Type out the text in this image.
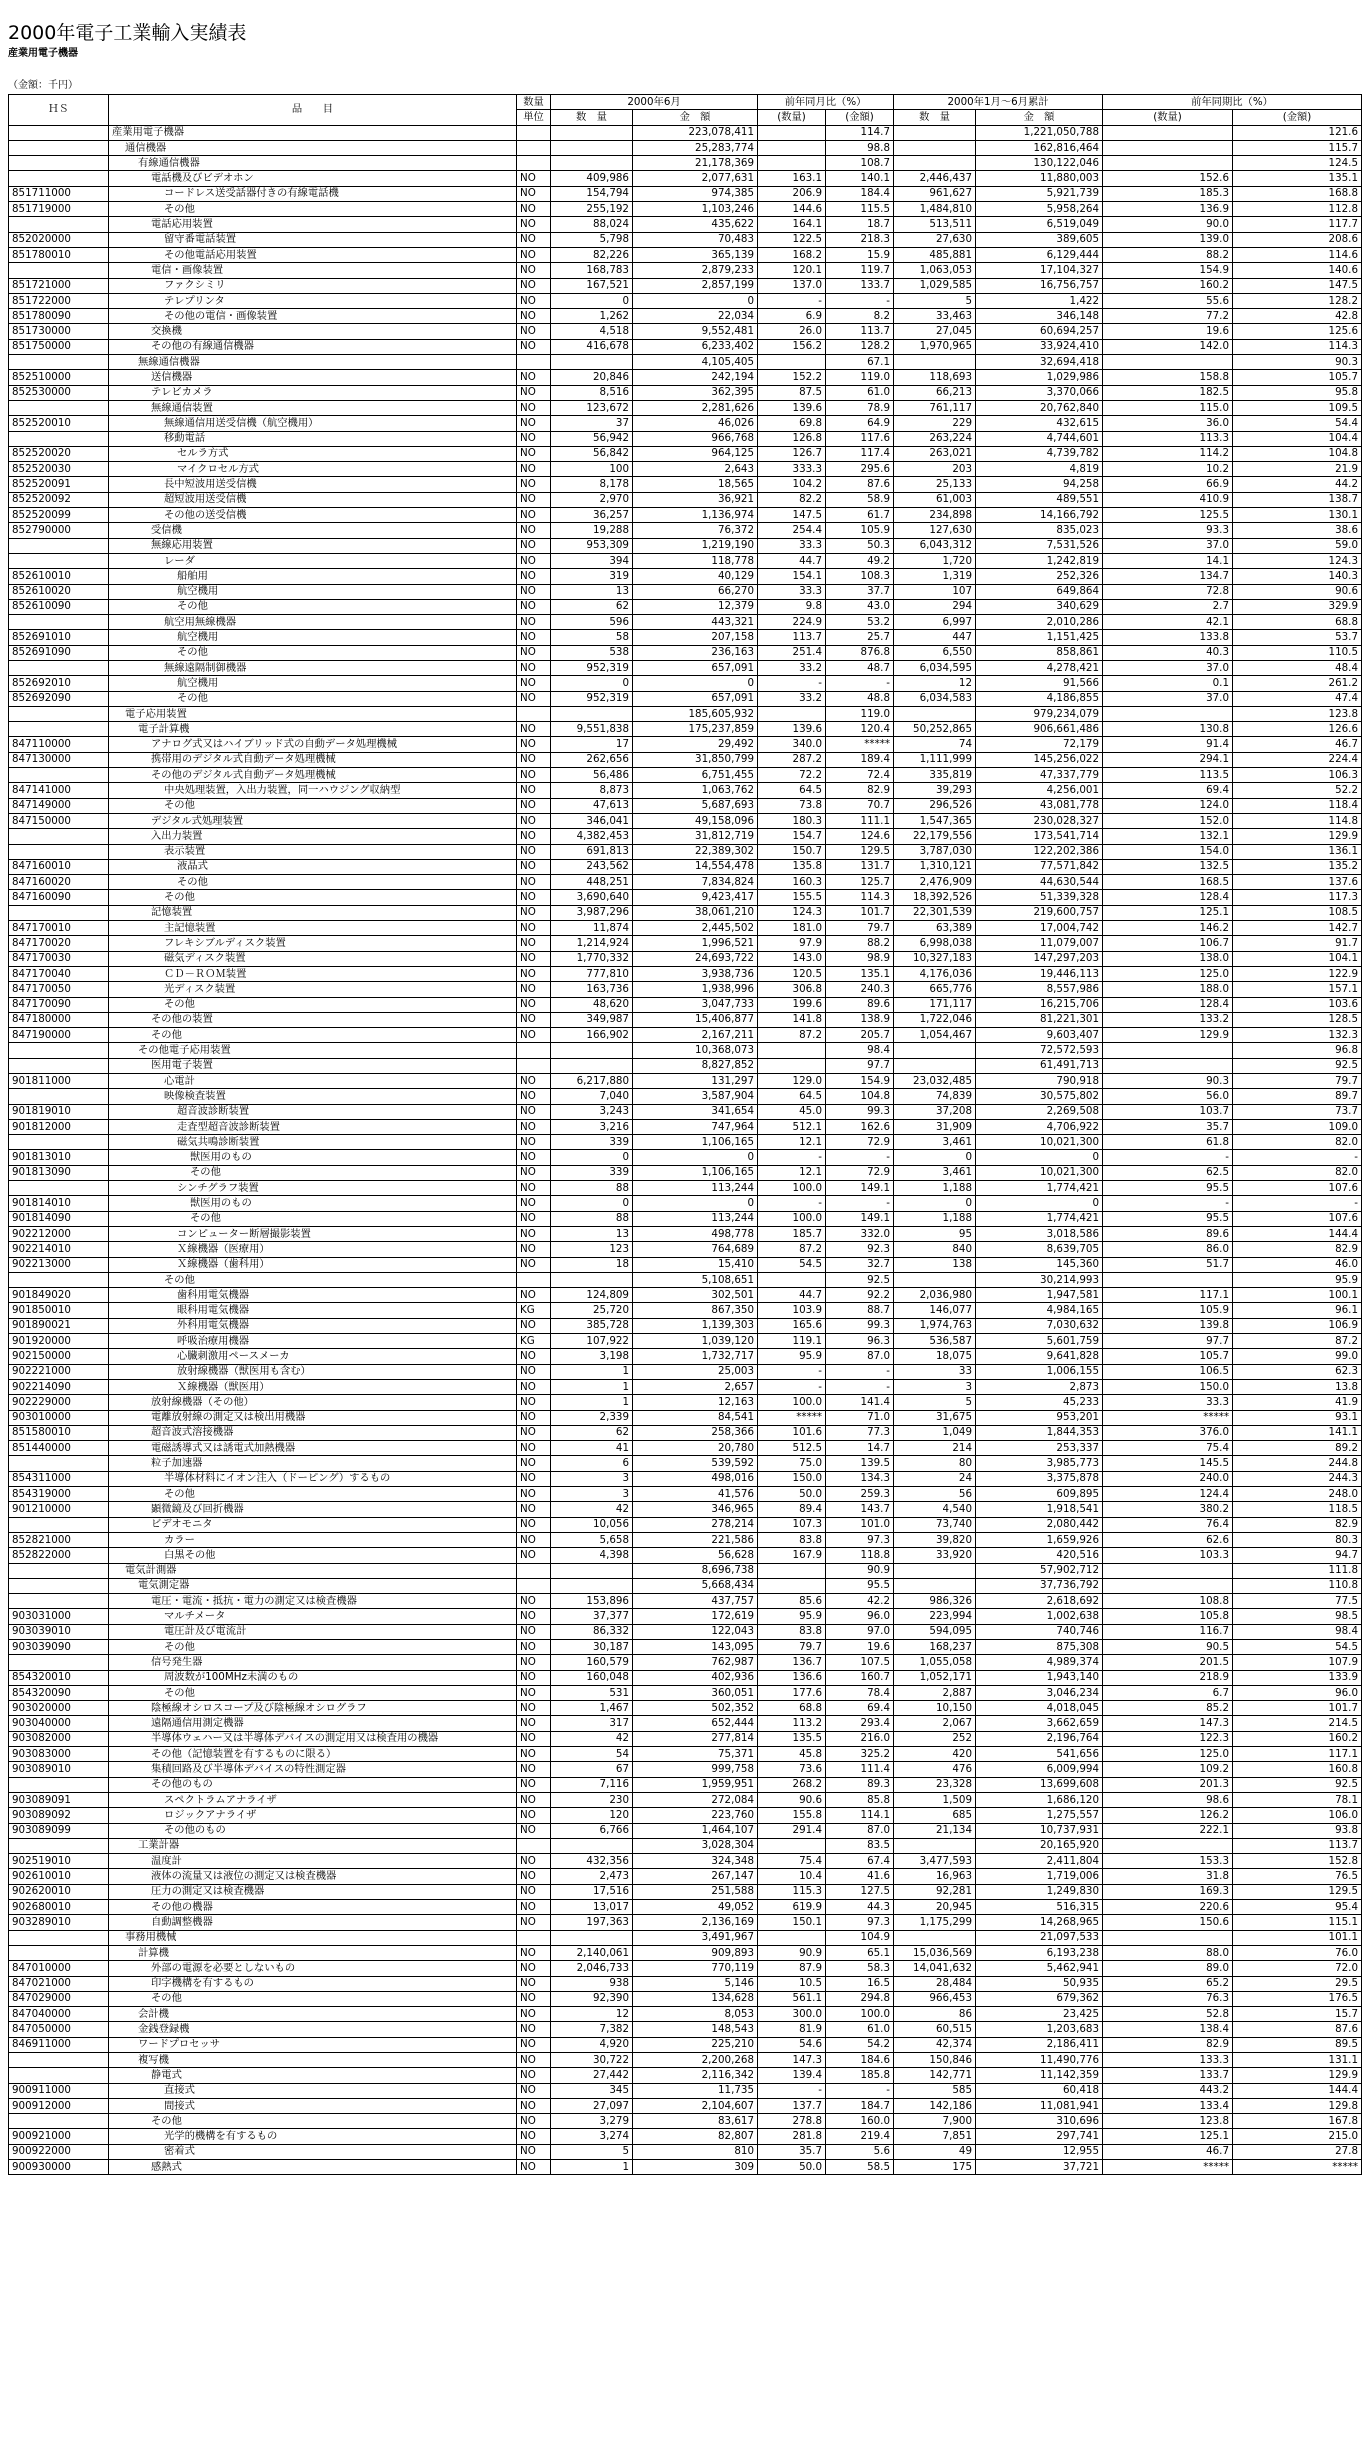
2000年電子工業輸入実績表
産業用電子機器
（金額：千円）
ＨＳ	品　　目	数量	2000年6月		前年同月比（%）		2000年1月～6月累計		前年同期比（%）	
		単位	数　量	金　額	(数量)	(金額)	数　量	金　額	(数量)	(金額)
	産業用電子機器			223,078,411		114.7		1,221,050,788		121.6
	通信機器			25,283,774		98.8		162,816,464		115.7
	有線通信機器			21,178,369		108.7		130,122,046		124.5
	電話機及びビデオホン	NO	409,986	2,077,631	163.1	140.1	2,446,437	11,880,003	152.6	135.1
851711000	コードレス送受話器付きの有線電話機	NO	154,794	974,385	206.9	184.4	961,627	5,921,739	185.3	168.8
851719000	その他	NO	255,192	1,103,246	144.6	115.5	1,484,810	5,958,264	136.9	112.8
	電話応用装置	NO	88,024	435,622	164.1	18.7	513,511	6,519,049	90.0	117.7
852020000	留守番電話装置	NO	5,798	70,483	122.5	218.3	27,630	389,605	139.0	208.6
851780010	その他電話応用装置	NO	82,226	365,139	168.2	15.9	485,881	6,129,444	88.2	114.6
	電信・画像装置	NO	168,783	2,879,233	120.1	119.7	1,063,053	17,104,327	154.9	140.6
851721000	ファクシミリ	NO	167,521	2,857,199	137.0	133.7	1,029,585	16,756,757	160.2	147.5
851722000	テレプリンタ	NO	0	0	-	-	5	1,422	55.6	128.2
851780090	その他の電信・画像装置	NO	1,262	22,034	6.9	8.2	33,463	346,148	77.2	42.8
851730000	交換機	NO	4,518	9,552,481	26.0	113.7	27,045	60,694,257	19.6	125.6
851750000	その他の有線通信機器	NO	416,678	6,233,402	156.2	128.2	1,970,965	33,924,410	142.0	114.3
	無線通信機器			4,105,405		67.1		32,694,418		90.3
852510000	送信機器	NO	20,846	242,194	152.2	119.0	118,693	1,029,986	158.8	105.7
852530000	テレビカメラ	NO	8,516	362,395	87.5	61.0	66,213	3,370,066	182.5	95.8
	無線通信装置	NO	123,672	2,281,626	139.6	78.9	761,117	20,762,840	115.0	109.5
852520010	無線通信用送受信機（航空機用）	NO	37	46,026	69.8	64.9	229	432,615	36.0	54.4
	移動電話	NO	56,942	966,768	126.8	117.6	263,224	4,744,601	113.3	104.4
852520020	セルラ方式	NO	56,842	964,125	126.7	117.4	263,021	4,739,782	114.2	104.8
852520030	マイクロセル方式	NO	100	2,643	333.3	295.6	203	4,819	10.2	21.9
852520091	長中短波用送受信機	NO	8,178	18,565	104.2	87.6	25,133	94,258	66.9	44.2
852520092	超短波用送受信機	NO	2,970	36,921	82.2	58.9	61,003	489,551	410.9	138.7
852520099	その他の送受信機	NO	36,257	1,136,974	147.5	61.7	234,898	14,166,792	125.5	130.1
852790000	受信機	NO	19,288	76,372	254.4	105.9	127,630	835,023	93.3	38.6
	無線応用装置	NO	953,309	1,219,190	33.3	50.3	6,043,312	7,531,526	37.0	59.0
	レーダ	NO	394	118,778	44.7	49.2	1,720	1,242,819	14.1	124.3
852610010	船舶用	NO	319	40,129	154.1	108.3	1,319	252,326	134.7	140.3
852610020	航空機用	NO	13	66,270	33.3	37.7	107	649,864	72.8	90.6
852610090	その他	NO	62	12,379	9.8	43.0	294	340,629	2.7	329.9
	航空用無線機器	NO	596	443,321	224.9	53.2	6,997	2,010,286	42.1	68.8
852691010	航空機用	NO	58	207,158	113.7	25.7	447	1,151,425	133.8	53.7
852691090	その他	NO	538	236,163	251.4	876.8	6,550	858,861	40.3	110.5
	無線遠隔制御機器	NO	952,319	657,091	33.2	48.7	6,034,595	4,278,421	37.0	48.4
852692010	航空機用	NO	0	0	-	-	12	91,566	0.1	261.2
852692090	その他	NO	952,319	657,091	33.2	48.8	6,034,583	4,186,855	37.0	47.4
	電子応用装置			185,605,932		119.0		979,234,079		123.8
	電子計算機	NO	9,551,838	175,237,859	139.6	120.4	50,252,865	906,661,486	130.8	126.6
847110000	アナログ式又はハイブリッド式の自動データ処理機械	NO	17	29,492	340.0	*****	74	72,179	91.4	46.7
847130000	携帯用のデジタル式自動データ処理機械	NO	262,656	31,850,799	287.2	189.4	1,111,999	145,256,022	294.1	224.4
	その他のデジタル式自動データ処理機械	NO	56,486	6,751,455	72.2	72.4	335,819	47,337,779	113.5	106.3
847141000	中央処理装置，入出力装置，同一ハウジング収納型	NO	8,873	1,063,762	64.5	82.9	39,293	4,256,001	69.4	52.2
847149000	その他	NO	47,613	5,687,693	73.8	70.7	296,526	43,081,778	124.0	118.4
847150000	デジタル式処理装置	NO	346,041	49,158,096	180.3	111.1	1,547,365	230,028,327	152.0	114.8
	入出力装置	NO	4,382,453	31,812,719	154.7	124.6	22,179,556	173,541,714	132.1	129.9
	表示装置	NO	691,813	22,389,302	150.7	129.5	3,787,030	122,202,386	154.0	136.1
847160010	液晶式	NO	243,562	14,554,478	135.8	131.7	1,310,121	77,571,842	132.5	135.2
847160020	その他	NO	448,251	7,834,824	160.3	125.7	2,476,909	44,630,544	168.5	137.6
847160090	その他	NO	3,690,640	9,423,417	155.5	114.3	18,392,526	51,339,328	128.4	117.3
	記憶装置	NO	3,987,296	38,061,210	124.3	101.7	22,301,539	219,600,757	125.1	108.5
847170010	主記憶装置	NO	11,874	2,445,502	181.0	79.7	63,389	17,004,742	146.2	142.7
847170020	フレキシブルディスク装置	NO	1,214,924	1,996,521	97.9	88.2	6,998,038	11,079,007	106.7	91.7
847170030	磁気ディスク装置	NO	1,770,332	24,693,722	143.0	98.9	10,327,183	147,297,203	138.0	104.1
847170040	ＣＤ－ＲＯＭ装置	NO	777,810	3,938,736	120.5	135.1	4,176,036	19,446,113	125.0	122.9
847170050	光ディスク装置	NO	163,736	1,938,996	306.8	240.3	665,776	8,557,986	188.0	157.1
847170090	その他	NO	48,620	3,047,733	199.6	89.6	171,117	16,215,706	128.4	103.6
847180000	その他の装置	NO	349,987	15,406,877	141.8	138.9	1,722,046	81,221,301	133.2	128.5
847190000	その他	NO	166,902	2,167,211	87.2	205.7	1,054,467	9,603,407	129.9	132.3
	その他電子応用装置			10,368,073		98.4		72,572,593		96.8
	医用電子装置			8,827,852		97.7		61,491,713		92.5
901811000	心電計	NO	6,217,880	131,297	129.0	154.9	23,032,485	790,918	90.3	79.7
	映像検査装置	NO	7,040	3,587,904	64.5	104.8	74,839	30,575,802	56.0	89.7
901819010	超音波診断装置	NO	3,243	341,654	45.0	99.3	37,208	2,269,508	103.7	73.7
901812000	走査型超音波診断装置	NO	3,216	747,964	512.1	162.6	31,909	4,706,922	35.7	109.0
	磁気共鳴診断装置	NO	339	1,106,165	12.1	72.9	3,461	10,021,300	61.8	82.0
901813010	獣医用のもの	NO	0	0	-	-	0	0	-	-
901813090	その他	NO	339	1,106,165	12.1	72.9	3,461	10,021,300	62.5	82.0
	シンチグラフ装置	NO	88	113,244	100.0	149.1	1,188	1,774,421	95.5	107.6
901814010	獣医用のもの	NO	0	0	-	-	0	0	-	-
901814090	その他	NO	88	113,244	100.0	149.1	1,188	1,774,421	95.5	107.6
902212000	コンピューター断層撮影装置	NO	13	498,778	185.7	332.0	95	3,018,586	89.6	144.4
902214010	Ｘ線機器（医療用）	NO	123	764,689	87.2	92.3	840	8,639,705	86.0	82.9
902213000	Ｘ線機器（歯科用）	NO	18	15,410	54.5	32.7	138	145,360	51.7	46.0
	その他			5,108,651		92.5		30,214,993		95.9
901849020	歯科用電気機器	NO	124,809	302,501	44.7	92.2	2,036,980	1,947,581	117.1	100.1
901850010	眼科用電気機器	KG	25,720	867,350	103.9	88.7	146,077	4,984,165	105.9	96.1
901890021	外科用電気機器	NO	385,728	1,139,303	165.6	99.3	1,974,763	7,030,632	139.8	106.9
901920000	呼吸治療用機器	KG	107,922	1,039,120	119.1	96.3	536,587	5,601,759	97.7	87.2
902150000	心臓刺激用ペースメーカ	NO	3,198	1,732,717	95.9	87.0	18,075	9,641,828	105.7	99.0
902221000	放射線機器（獣医用も含む）	NO	1	25,003	-	-	33	1,006,155	106.5	62.3
902214090	Ｘ線機器（獣医用）	NO	1	2,657	-	-	3	2,873	150.0	13.8
902229000	放射線機器（その他）	NO	1	12,163	100.0	141.4	5	45,233	33.3	41.9
903010000	電離放射線の測定又は検出用機器	NO	2,339	84,541	*****	71.0	31,675	953,201	*****	93.1
851580010	超音波式溶接機器	NO	62	258,366	101.6	77.3	1,049	1,844,353	376.0	141.1
851440000	電磁誘導式又は誘電式加熱機器	NO	41	20,780	512.5	14.7	214	253,337	75.4	89.2
	粒子加速器	NO	6	539,592	75.0	139.5	80	3,985,773	145.5	244.8
854311000	半導体材料にイオン注入（ドーピング）するもの	NO	3	498,016	150.0	134.3	24	3,375,878	240.0	244.3
854319000	その他	NO	3	41,576	50.0	259.3	56	609,895	124.4	248.0
901210000	顕微鏡及び回折機器	NO	42	346,965	89.4	143.7	4,540	1,918,541	380.2	118.5
	ビデオモニタ	NO	10,056	278,214	107.3	101.0	73,740	2,080,442	76.4	82.9
852821000	カラー	NO	5,658	221,586	83.8	97.3	39,820	1,659,926	62.6	80.3
852822000	白黒その他	NO	4,398	56,628	167.9	118.8	33,920	420,516	103.3	94.7
	電気計測器			8,696,738		90.9		57,902,712		111.8
	電気測定器			5,668,434		95.5		37,736,792		110.8
	電圧・電流・抵抗・電力の測定又は検査機器	NO	153,896	437,757	85.6	42.2	986,326	2,618,692	108.8	77.5
903031000	マルチメータ	NO	37,377	172,619	95.9	96.0	223,994	1,002,638	105.8	98.5
903039010	電圧計及び電流計	NO	86,332	122,043	83.8	97.0	594,095	740,746	116.7	98.4
903039090	その他	NO	30,187	143,095	79.7	19.6	168,237	875,308	90.5	54.5
	信号発生器	NO	160,579	762,987	136.7	107.5	1,055,058	4,989,374	201.5	107.9
854320010	周波数が100MHz未満のもの	NO	160,048	402,936	136.6	160.7	1,052,171	1,943,140	218.9	133.9
854320090	その他	NO	531	360,051	177.6	78.4	2,887	3,046,234	6.7	96.0
903020000	陰極線オシロスコープ及び陰極線オシログラフ	NO	1,467	502,352	68.8	69.4	10,150	4,018,045	85.2	101.7
903040000	遠隔通信用測定機器	NO	317	652,444	113.2	293.4	2,067	3,662,659	147.3	214.5
903082000	半導体ウェハー又は半導体デバイスの測定用又は検査用の機器	NO	42	277,814	135.5	216.0	252	2,196,764	122.3	160.2
903083000	その他（記憶装置を有するものに限る）	NO	54	75,371	45.8	325.2	420	541,656	125.0	117.1
903089010	集積回路及び半導体デバイスの特性測定器	NO	67	999,758	73.6	111.4	476	6,009,994	109.2	160.8
	その他のもの	NO	7,116	1,959,951	268.2	89.3	23,328	13,699,608	201.3	92.5
903089091	スペクトラムアナライザ	NO	230	272,084	90.6	85.8	1,509	1,686,120	98.6	78.1
903089092	ロジックアナライザ	NO	120	223,760	155.8	114.1	685	1,275,557	126.2	106.0
903089099	その他のもの	NO	6,766	1,464,107	291.4	87.0	21,134	10,737,931	222.1	93.8
	工業計器			3,028,304		83.5		20,165,920		113.7
902519010	温度計	NO	432,356	324,348	75.4	67.4	3,477,593	2,411,804	153.3	152.8
902610010	液体の流量又は液位の測定又は検査機器	NO	2,473	267,147	10.4	41.6	16,963	1,719,006	31.8	76.5
902620010	圧力の測定又は検査機器	NO	17,516	251,588	115.3	127.5	92,281	1,249,830	169.3	129.5
902680010	その他の機器	NO	13,017	49,052	619.9	44.3	20,945	516,315	220.6	95.4
903289010	自動調整機器	NO	197,363	2,136,169	150.1	97.3	1,175,299	14,268,965	150.6	115.1
	事務用機械			3,491,967		104.9		21,097,533		101.1
	計算機	NO	2,140,061	909,893	90.9	65.1	15,036,569	6,193,238	88.0	76.0
847010000	外部の電源を必要としないもの	NO	2,046,733	770,119	87.9	58.3	14,041,632	5,462,941	89.0	72.0
847021000	印字機構を有するもの	NO	938	5,146	10.5	16.5	28,484	50,935	65.2	29.5
847029000	その他	NO	92,390	134,628	561.1	294.8	966,453	679,362	76.3	176.5
847040000	会計機	NO	12	8,053	300.0	100.0	86	23,425	52.8	15.7
847050000	金銭登録機	NO	7,382	148,543	81.9	61.0	60,515	1,203,683	138.4	87.6
846911000	ワードプロセッサ	NO	4,920	225,210	54.6	54.2	42,374	2,186,411	82.9	89.5
	複写機	NO	30,722	2,200,268	147.3	184.6	150,846	11,490,776	133.3	131.1
	静電式	NO	27,442	2,116,342	139.4	185.8	142,771	11,142,359	133.7	129.9
900911000	直接式	NO	345	11,735	-	-	585	60,418	443.2	144.4
900912000	間接式	NO	27,097	2,104,607	137.7	184.7	142,186	11,081,941	133.4	129.8
	その他	NO	3,279	83,617	278.8	160.0	7,900	310,696	123.8	167.8
900921000	光学的機構を有するもの	NO	3,274	82,807	281.8	219.4	7,851	297,741	125.1	215.0
900922000	密着式	NO	5	810	35.7	5.6	49	12,955	46.7	27.8
900930000	感熱式	NO	1	309	50.0	58.5	175	37,721	*****	*****
